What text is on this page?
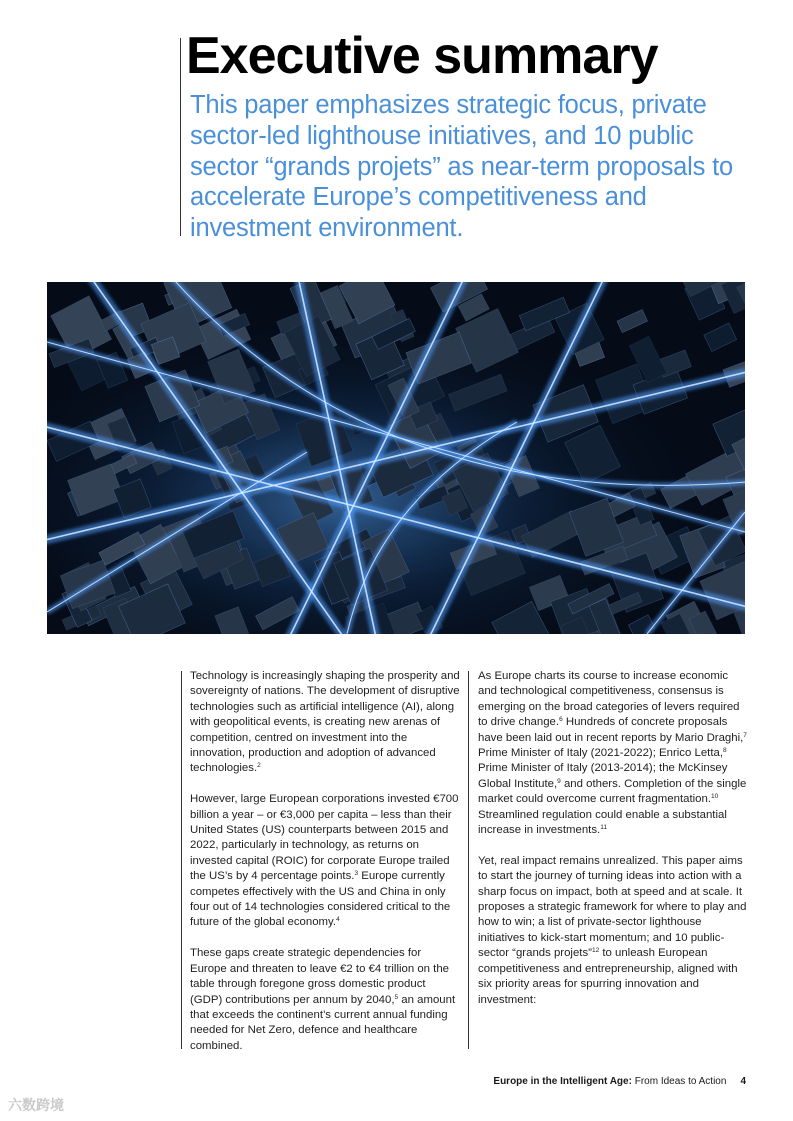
Executive summary

This paper emphasizes strategic focus, private sector-led lighthouse initiatives, and 10 public sector “grands projets” as near-term proposals to accelerate Europe’s competitiveness and investment environment.

Technology is increasingly shaping the prosperity and sovereignty of nations. The development of disruptive technologies such as artificial intelligence (AI), along with geopolitical events, is creating new arenas of competition, centred on investment into the innovation, production and adoption of advanced technologies.$^2$

However, large European corporations invested €700 billion a year – or €3,000 per capita – less than their United States (US) counterparts between 2015 and 2022, particularly in technology, as returns on invested capital (ROIC) for corporate Europe trailed the US’s by 4 percentage points.$^3$ Europe currently competes effectively with the US and China in only four out of 14 technologies considered critical to the future of the global economy.$^4$

These gaps create strategic dependencies for Europe and threaten to leave €2 to €4 trillion on the table through foregone gross domestic product (GDP) contributions per annum by 2040,$^5$ an amount that exceeds the continent’s current annual funding needed for Net Zero, defence and healthcare combined.

As Europe charts its course to increase economic and technological competitiveness, consensus is emerging on the broad categories of levers required to drive change.$^6$ Hundreds of concrete proposals have been laid out in recent reports by Mario Draghi,$^7$ Prime Minister of Italy (2021-2022); Enrico Letta,$^8$ Prime Minister of Italy (2013-2014); the McKinsey Global Institute,$^9$ and others. Completion of the single market could overcome current fragmentation.$^{10}$ Streamlined regulation could enable a substantial increase in investments.$^{11}$

Yet, real impact remains unrealized. This paper aims to start the journey of turning ideas into action with a sharp focus on impact, both at speed and at scale. It proposes a strategic framework for where to play and how to win; a list of private-sector lighthouse initiatives to kick-start momentum; and 10 public-sector “grands projets”$^{12}$ to unleash European competitiveness and entrepreneurship, aligned with six priority areas for spurring innovation and investment:

Europe in the Intelligent Age: From Ideas to Action 4
六数跨境
